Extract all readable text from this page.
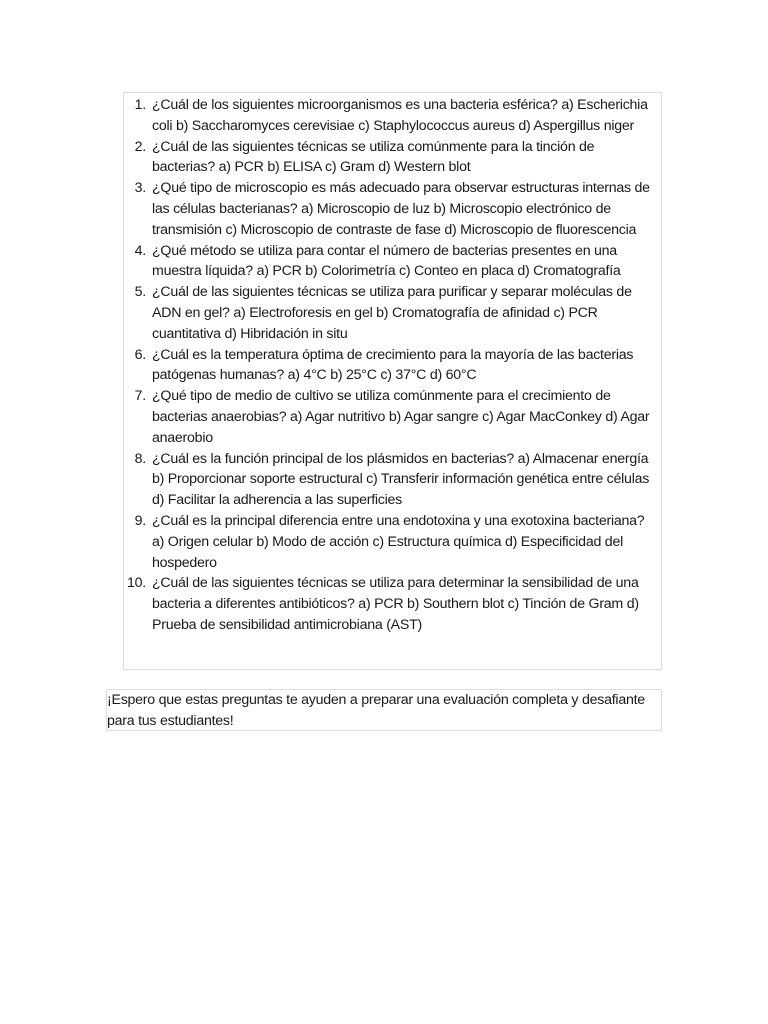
1. ¿Cuál de los siguientes microorganismos es una bacteria esférica? a) Escherichia coli b) Saccharomyces cerevisiae c) Staphylococcus aureus d) Aspergillus niger
2. ¿Cuál de las siguientes técnicas se utiliza comúnmente para la tinción de bacterias? a) PCR b) ELISA c) Gram d) Western blot
3. ¿Qué tipo de microscopio es más adecuado para observar estructuras internas de las células bacterianas? a) Microscopio de luz b) Microscopio electrónico de transmisión c) Microscopio de contraste de fase d) Microscopio de fluorescencia
4. ¿Qué método se utiliza para contar el número de bacterias presentes en una muestra líquida? a) PCR b) Colorimetría c) Conteo en placa d) Cromatografía
5. ¿Cuál de las siguientes técnicas se utiliza para purificar y separar moléculas de ADN en gel? a) Electroforesis en gel b) Cromatografía de afinidad c) PCR cuantitativa d) Hibridación in situ
6. ¿Cuál es la temperatura óptima de crecimiento para la mayoría de las bacterias patógenas humanas? a) 4°C b) 25°C c) 37°C d) 60°C
7. ¿Qué tipo de medio de cultivo se utiliza comúnmente para el crecimiento de bacterias anaerobias? a) Agar nutritivo b) Agar sangre c) Agar MacConkey d) Agar anaerobio
8. ¿Cuál es la función principal de los plásmidos en bacterias? a) Almacenar energía b) Proporcionar soporte estructural c) Transferir información genética entre células d) Facilitar la adherencia a las superficies
9. ¿Cuál es la principal diferencia entre una endotoxina y una exotoxina bacteriana? a) Origen celular b) Modo de acción c) Estructura química d) Especificidad del hospedero
10. ¿Cuál de las siguientes técnicas se utiliza para determinar la sensibilidad de una bacteria a diferentes antibióticos? a) PCR b) Southern blot c) Tinción de Gram d) Prueba de sensibilidad antimicrobiana (AST)
¡Espero que estas preguntas te ayuden a preparar una evaluación completa y desafiante para tus estudiantes!
